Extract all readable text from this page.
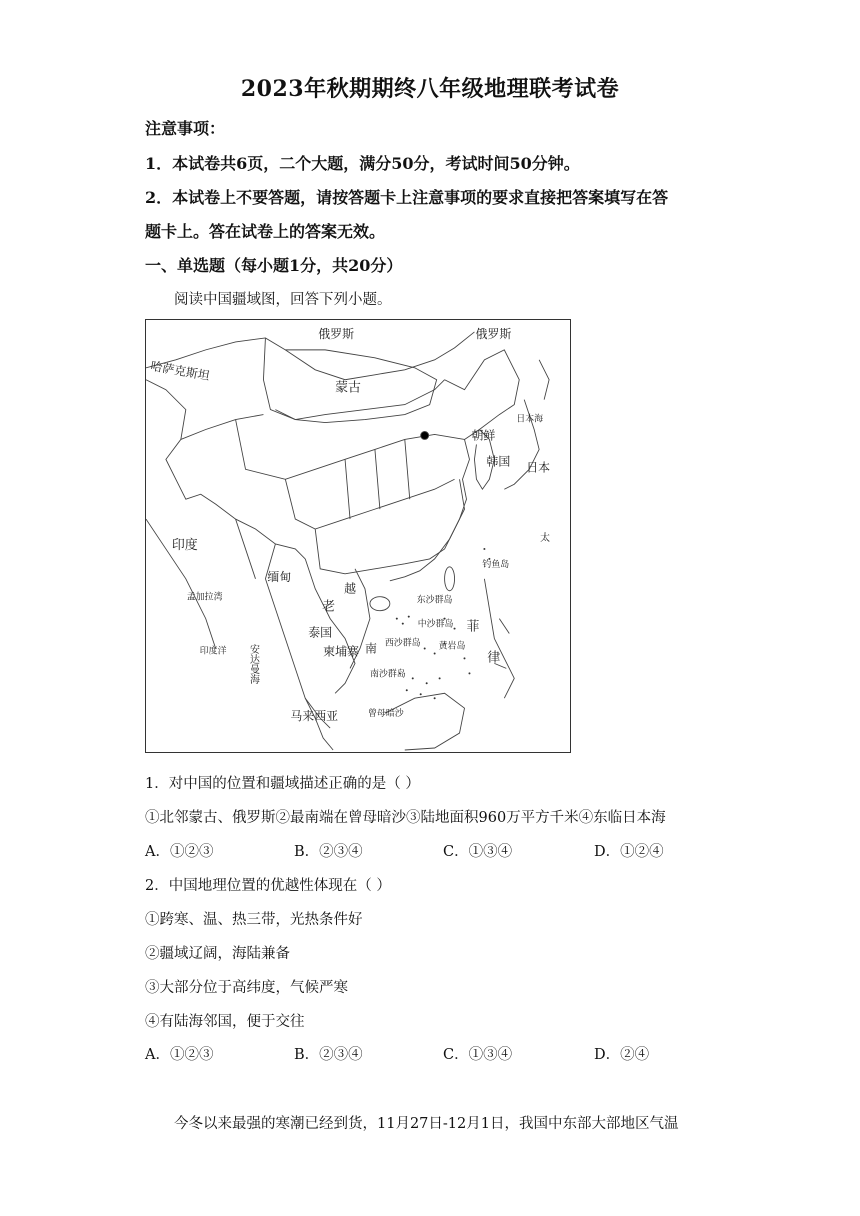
2023年秋期期终八年级地理联考试卷
注意事项：
1．本试卷共6页，二个大题，满分50分，考试时间50分钟。
2．本试卷上不要答题，请按答题卡上注意事项的要求直接把答案填写在答
题卡上。答在试卷上的答案无效。
一、单选题（每小题1分，共20分）
阅读中国疆域图，回答下列小题。
俄罗斯	俄罗斯
哈萨克斯坦
蒙古
日本海
朝鲜
韩国 日本
印度	太
钓鱼岛
缅甸
越
孟加拉湾	东沙群岛
老
中沙群岛 菲
泰国
印度洋	柬埔寨 南 西沙群岛 黄岩岛
律
安达曼海	南沙群岛
马来西亚	曾母暗沙
1．对中国的位置和疆域描述正确的是（ ）
①北邻蒙古、俄罗斯②最南端在曾母暗沙③陆地面积960万平方千米④东临日本海
A．①②③	B．②③④	C．①③④	D．①②④
2．中国地理位置的优越性体现在（ ）
①跨寒、温、热三带，光热条件好
②疆域辽阔，海陆兼备
③大部分位于高纬度，气候严寒
④有陆海邻国，便于交往
A．①②③	B．②③④	C．①③④	D．②④
今冬以来最强的寒潮已经到货，11月27日-12月1日，我国中东部大部地区气温
